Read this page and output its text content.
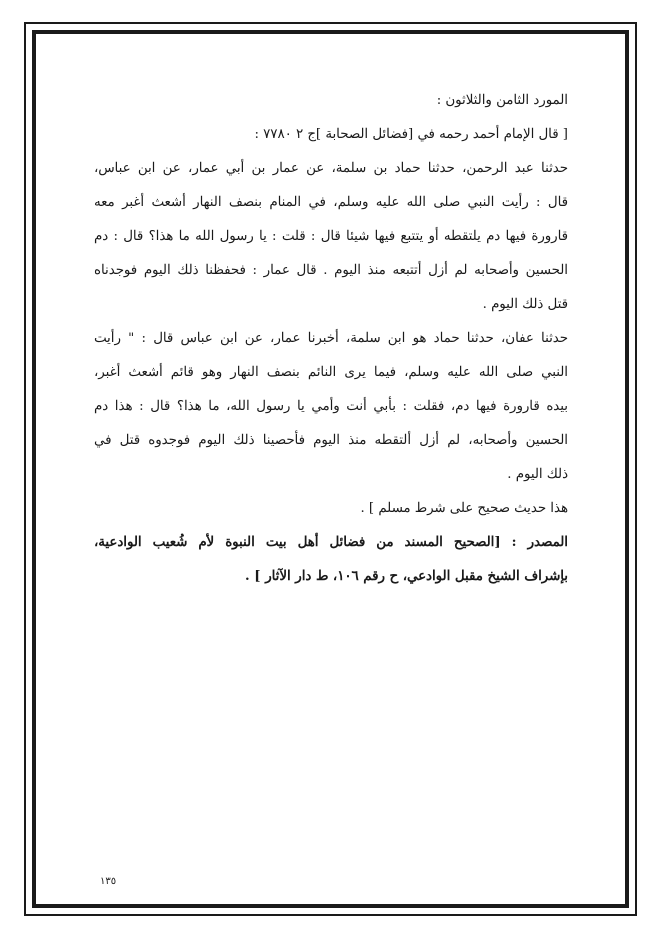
المورد الثامن والثلاثون :
[ قال الإمام أحمد رحمه في [فضائل الصحابة ]ج ٢ ٧٧٨٠ :
حدثنا عبد الرحمن، حدثنا حماد بن سلمة، عن عمار بن أبي عمار، عن ابن عباس،
قال : رأيت النبي صلى الله عليه وسلم، في المنام بنصف النهار أشعث أغبر معه
قارورة فيها دم يلتقطه أو يتتبع فيها شيئا قال : قلت : يا رسول الله ما هذا؟ قال : دم
الحسين وأصحابه لم أزل أتتبعه منذ اليوم . قال عمار : فحفظنا ذلك اليوم فوجدناه
قتل ذلك اليوم .
حدثنا عفان، حدثنا حماد هو ابن سلمة، أخبرنا عمار، عن ابن عباس قال : " رأيت
النبي صلى الله عليه وسلم، فيما يرى النائم بنصف النهار وهو قائم أشعث أغبر،
بيده قارورة فيها دم، فقلت : بأبي أنت وأمي يا رسول الله، ما هذا؟ قال : هذا دم
الحسين وأصحابه، لم أزل ألتقطه منذ اليوم فأحصينا ذلك اليوم فوجدوه قتل في
ذلك اليوم .
هذا حديث صحيح على شرط مسلم ] .
المصدر : [الصحيح المسند من فضائل أهل بيت النبوة لأم شُعيب الوادعية،
بإشراف الشيخ مقبل الوادعي، ح رقم ١٠٦، ط دار الآثار ] .
١٣٥
